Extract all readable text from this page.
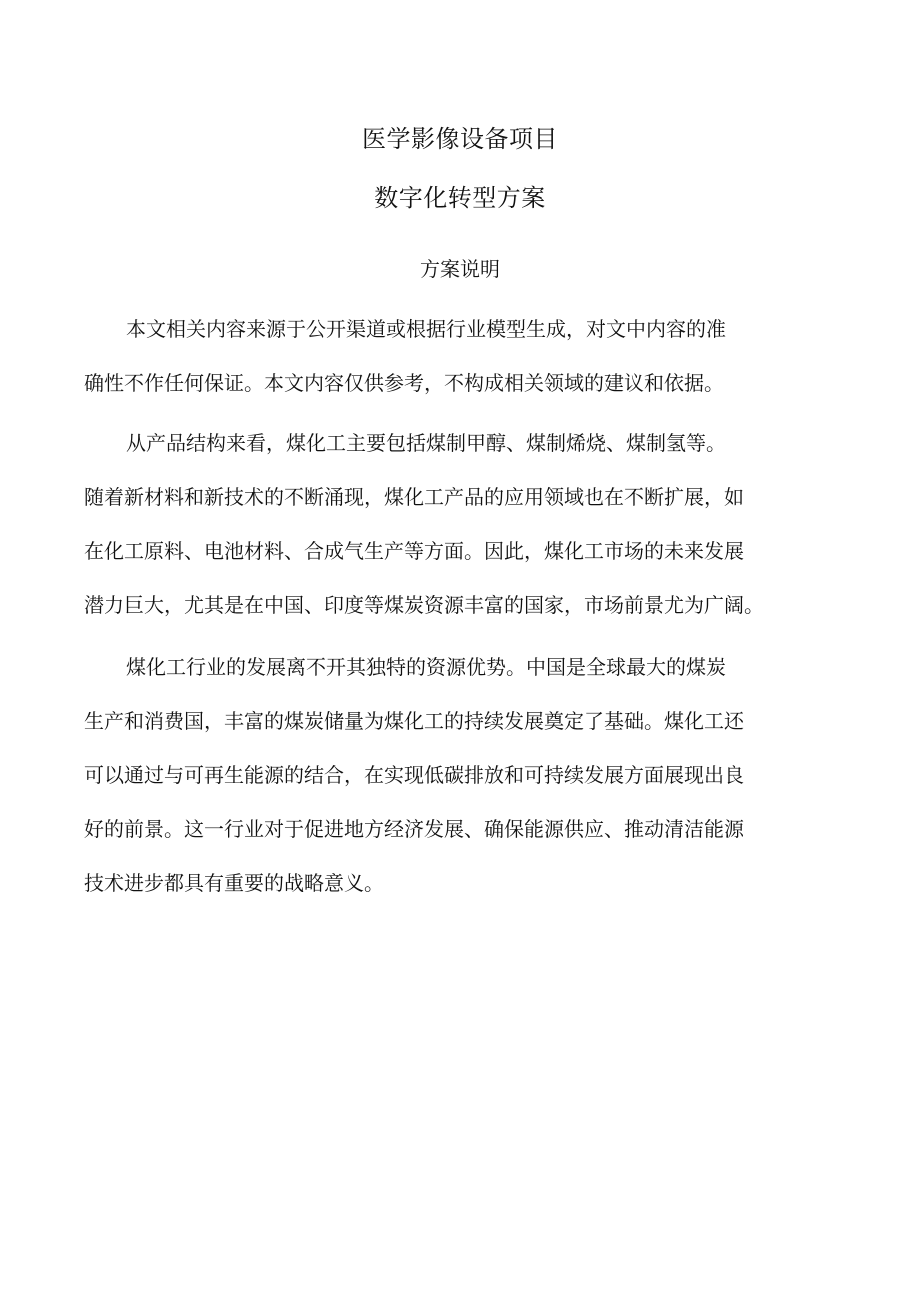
医学影像设备项目
数字化转型方案
方案说明
本文相关内容来源于公开渠道或根据行业模型生成，对文中内容的准
确性不作任何保证。本文内容仅供参考，不构成相关领域的建议和依据。
从产品结构来看，煤化工主要包括煤制甲醇、煤制烯烧、煤制氢等。
随着新材料和新技术的不断涌现，煤化工产品的应用领域也在不断扩展，如
在化工原料、电池材料、合成气生产等方面。因此，煤化工市场的未来发展
潜力巨大，尤其是在中国、印度等煤炭资源丰富的国家，市场前景尤为广阔。
煤化工行业的发展离不开其独特的资源优势。中国是全球最大的煤炭
生产和消费国，丰富的煤炭储量为煤化工的持续发展奠定了基础。煤化工还
可以通过与可再生能源的结合，在实现低碳排放和可持续发展方面展现出良
好的前景。这一行业对于促进地方经济发展、确保能源供应、推动清洁能源
技术进步都具有重要的战略意义。
